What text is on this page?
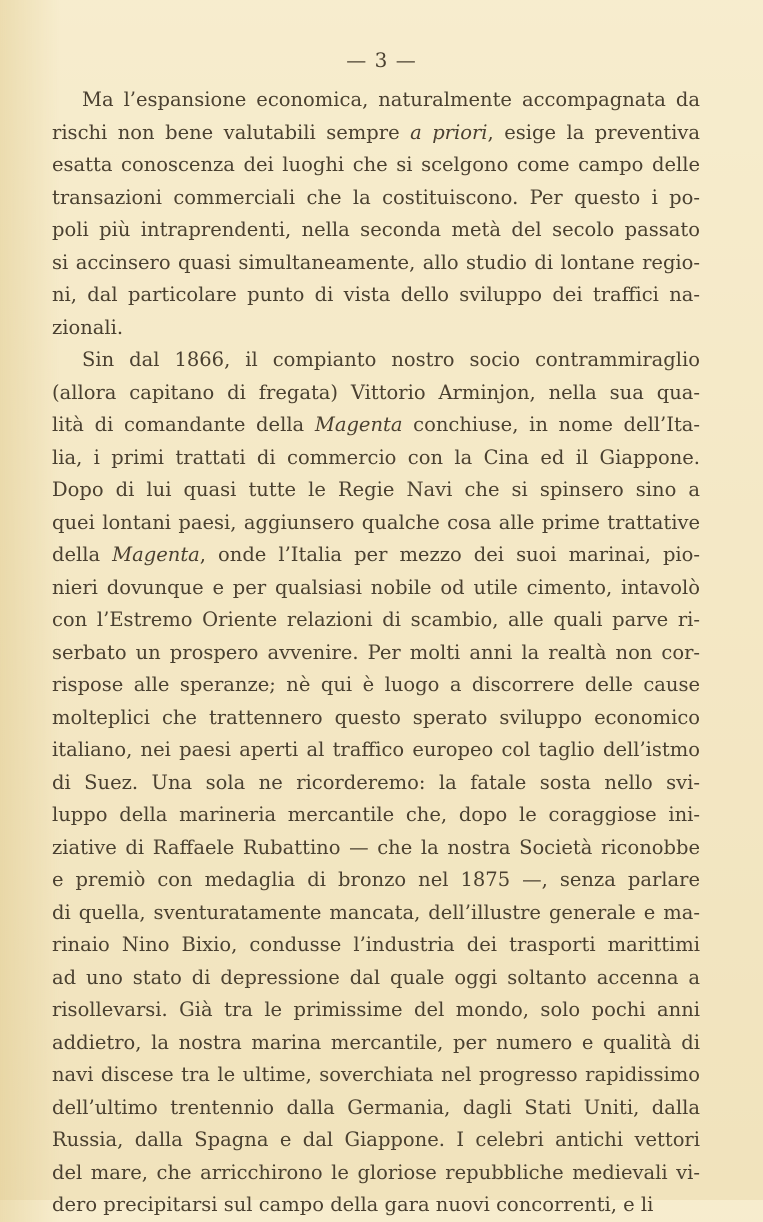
— 3 —
Ma l’espansione economica, naturalmente accompagnata da
rischi non bene valutabili sempre a priori, esige la preventiva
esatta conoscenza dei luoghi che si scelgono come campo delle
transazioni commerciali che la costituiscono. Per questo i po-
poli più intraprendenti, nella seconda metà del secolo passato
si accinsero quasi simultaneamente, allo studio di lontane regio-
ni, dal particolare punto di vista dello sviluppo dei traffici na-
zionali.
Sin dal 1866, il compianto nostro socio contrammiraglio
(allora capitano di fregata) Vittorio Arminjon, nella sua qua-
lità di comandante della Magenta conchiuse, in nome dell’Ita-
lia, i primi trattati di commercio con la Cina ed il Giappone.
Dopo di lui quasi tutte le Regie Navi che si spinsero sino a
quei lontani paesi, aggiunsero qualche cosa alle prime trattative
della Magenta, onde l’Italia per mezzo dei suoi marinai, pio-
nieri dovunque e per qualsiasi nobile od utile cimento, intavolò
con l’Estremo Oriente relazioni di scambio, alle quali parve ri-
serbato un prospero avvenire. Per molti anni la realtà non cor-
rispose alle speranze; nè qui è luogo a discorrere delle cause
molteplici che trattennero questo sperato sviluppo economico
italiano, nei paesi aperti al traffico europeo col taglio dell’istmo
di Suez. Una sola ne ricorderemo: la fatale sosta nello svi-
luppo della marineria mercantile che, dopo le coraggiose ini-
ziative di Raffaele Rubattino — che la nostra Società riconobbe
e premiò con medaglia di bronzo nel 1875 —, senza parlare
di quella, sventuratamente mancata, dell’illustre generale e ma-
rinaio Nino Bixio, condusse l’industria dei trasporti marittimi
ad uno stato di depressione dal quale oggi soltanto accenna a
risollevarsi. Già tra le primissime del mondo, solo pochi anni
addietro, la nostra marina mercantile, per numero e qualità di
navi discese tra le ultime, soverchiata nel progresso rapidissimo
dell’ultimo trentennio dalla Germania, dagli Stati Uniti, dalla
Russia, dalla Spagna e dal Giappone. I celebri antichi vettori
del mare, che arricchirono le gloriose repubbliche medievali vi-
dero precipitarsi sul campo della gara nuovi concorrenti, e li
